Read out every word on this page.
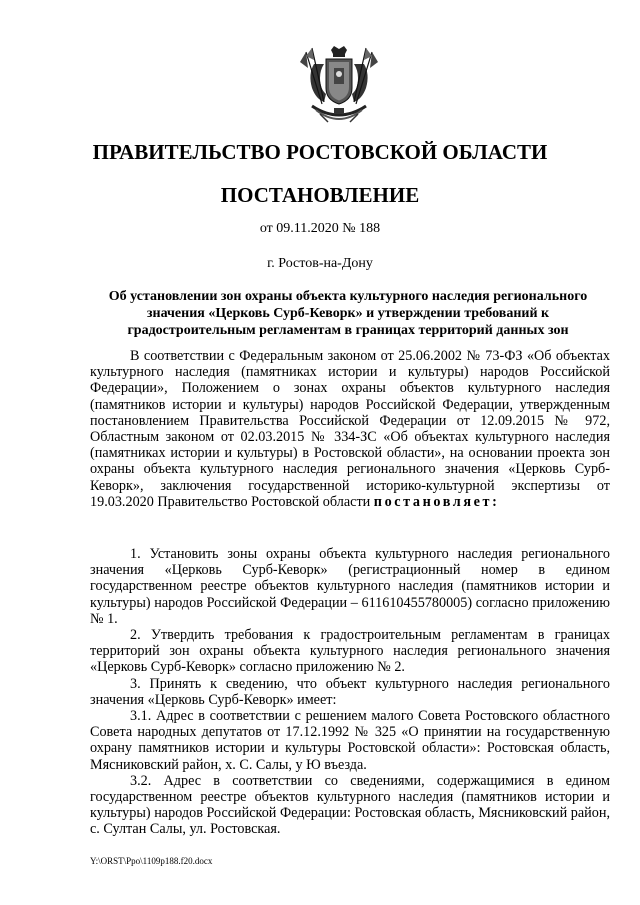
ПРАВИТЕЛЬСТВО РОСТОВСКОЙ ОБЛАСТИ
ПОСТАНОВЛЕНИЕ
от 09.11.2020 № 188
г. Ростов-на-Дону
Об установлении зон охраны объекта культурного наследия регионального значения «Церковь Сурб-Кеворк» и утверждении требований к градостроительным регламентам в границах территорий данных зон

В соответствии с Федеральным законом от 25.06.2002 № 73-ФЗ «Об объектах культурного наследия (памятниках истории и культуры) народов Российской Федерации», Положением о зонах охраны объектов культурного наследия (памятников истории и культуры) народов Российской Федерации, утвержденным постановлением Правительства Российской Федерации от 12.09.2015 № 972, Областным законом от 02.03.2015 № 334-ЗС «Об объектах культурного наследия (памятниках истории и культуры) в Ростовской области», на основании проекта зон охраны объекта культурного наследия регионального значения «Церковь Сурб-Кеворк», заключения государственной историко-культурной экспертизы от 19.03.2020 Правительство Ростовской области постановляет:

1. Установить зоны охраны объекта культурного наследия регионального значения «Церковь Сурб-Кеворк» (регистрационный номер в едином государственном реестре объектов культурного наследия (памятников истории и культуры) народов Российской Федерации – 611610455780005) согласно приложению № 1.

2. Утвердить требования к градостроительным регламентам в границах территорий зон охраны объекта культурного наследия регионального значения «Церковь Сурб-Кеворк» согласно приложению № 2.

3. Принять к сведению, что объект культурного наследия регионального значения «Церковь Сурб-Кеворк» имеет:

3.1. Адрес в соответствии с решением малого Совета Ростовского областного Совета народных депутатов от 17.12.1992 № 325 «О принятии на государственную охрану памятников истории и культуры Ростовской области»: Ростовская область, Мясниковский район, х. С. Салы, у Ю въезда.

3.2. Адрес в соответствии со сведениями, содержащимися в едином государственном реестре объектов культурного наследия (памятников истории и культуры) народов Российской Федерации: Ростовская область, Мясниковский район, с. Султан Салы, ул. Ростовская.

Y:\ORST\Ppo\1109p188.f20.docx
